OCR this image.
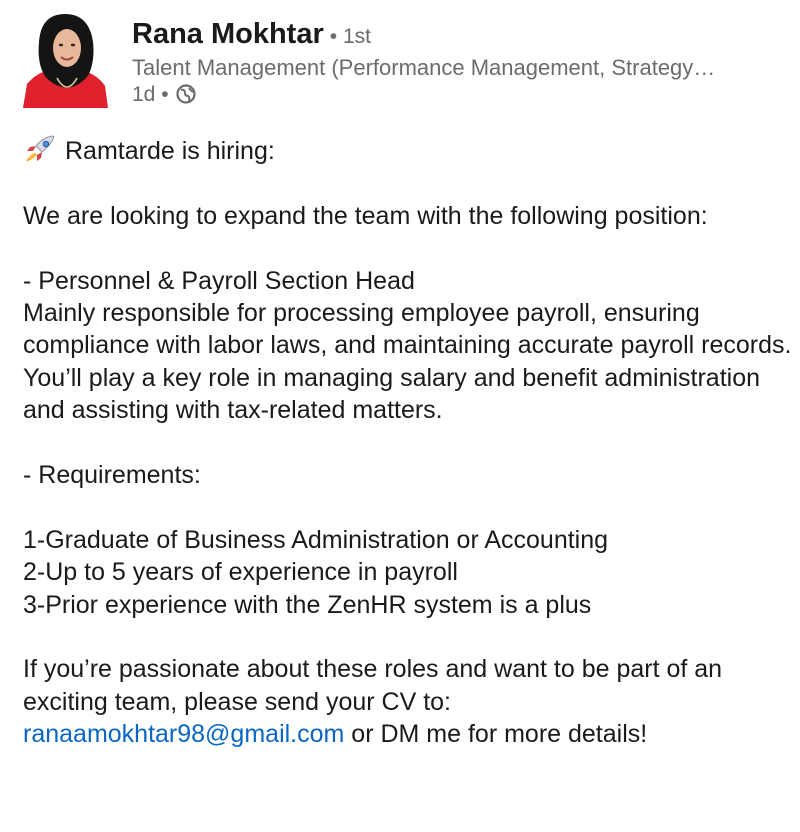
Rana Mokhtar • 1st
Talent Management (Performance Management, Strategy…
1d •

Ramtarde is hiring:

We are looking to expand the team with the following position:

- Personnel & Payroll Section Head

Mainly responsible for processing employee payroll, ensuring compliance with labor laws, and maintaining accurate payroll records. You’ll play a key role in managing salary and benefit administration and assisting with tax-related matters.

- Requirements:

1-Graduate of Business Administration or Accounting

2-Up to 5 years of experience in payroll

3-Prior experience with the ZenHR system is a plus

If you’re passionate about these roles and want to be part of an exciting team, please send your CV to:

ranaamokhtar98@gmail.com or DM me for more details!
